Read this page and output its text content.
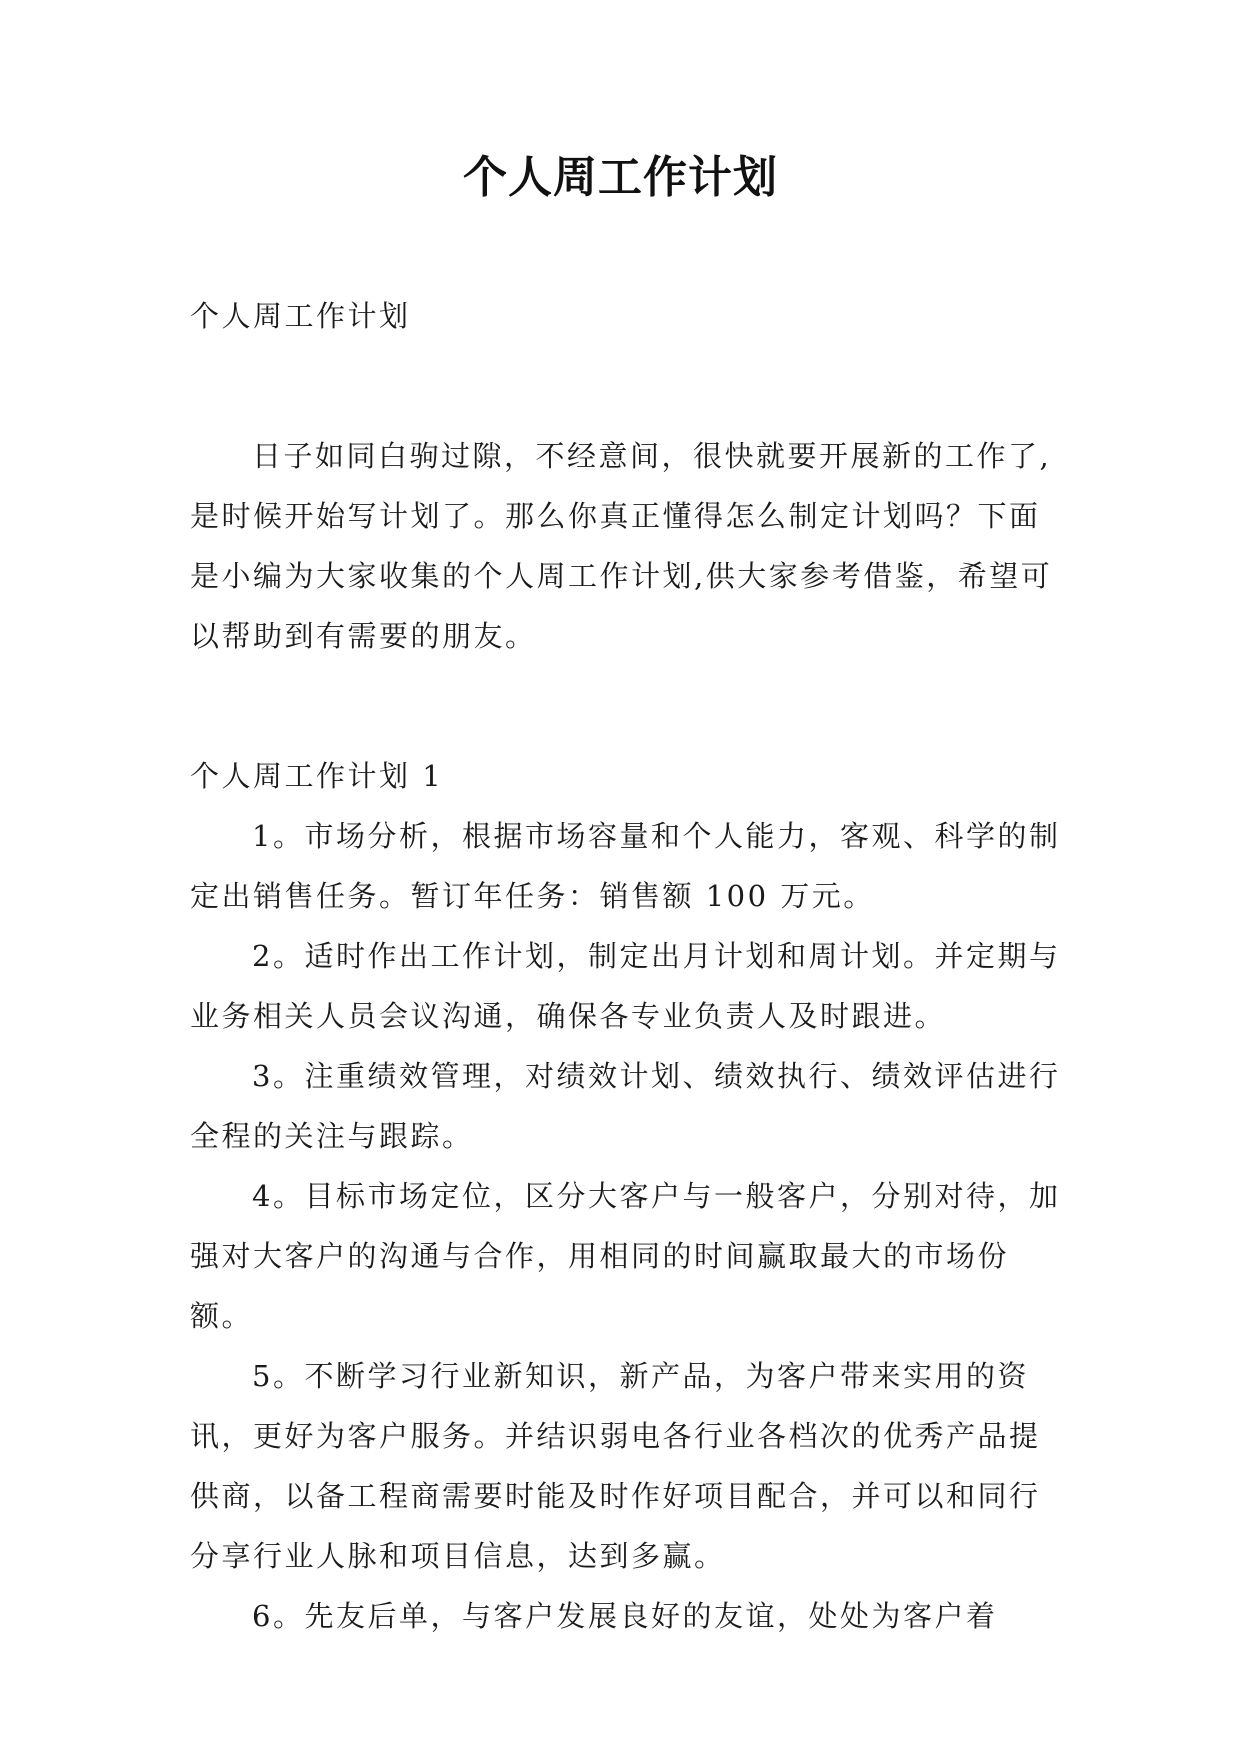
个人周工作计划

个人周工作计划

日子如同白驹过隙，不经意间，很快就要开展新的工作了,是时候开始写计划了。那么你真正懂得怎么制定计划吗？下面是小编为大家收集的个人周工作计划,供大家参考借鉴，希望可以帮助到有需要的朋友。

个人周工作计划 1

1。市场分析，根据市场容量和个人能力，客观、科学的制定出销售任务。暂订年任务：销售额 100 万元。

2。适时作出工作计划，制定出月计划和周计划。并定期与业务相关人员会议沟通，确保各专业负责人及时跟进。

3。注重绩效管理，对绩效计划、绩效执行、绩效评估进行全程的关注与跟踪。

4。目标市场定位，区分大客户与一般客户，分别对待，加强对大客户的沟通与合作，用相同的时间赢取最大的市场份额。

5。不断学习行业新知识，新产品，为客户带来实用的资讯，更好为客户服务。并结识弱电各行业各档次的优秀产品提供商，以备工程商需要时能及时作好项目配合，并可以和同行分享行业人脉和项目信息，达到多赢。

6。先友后单，与客户发展良好的友谊，处处为客户着
